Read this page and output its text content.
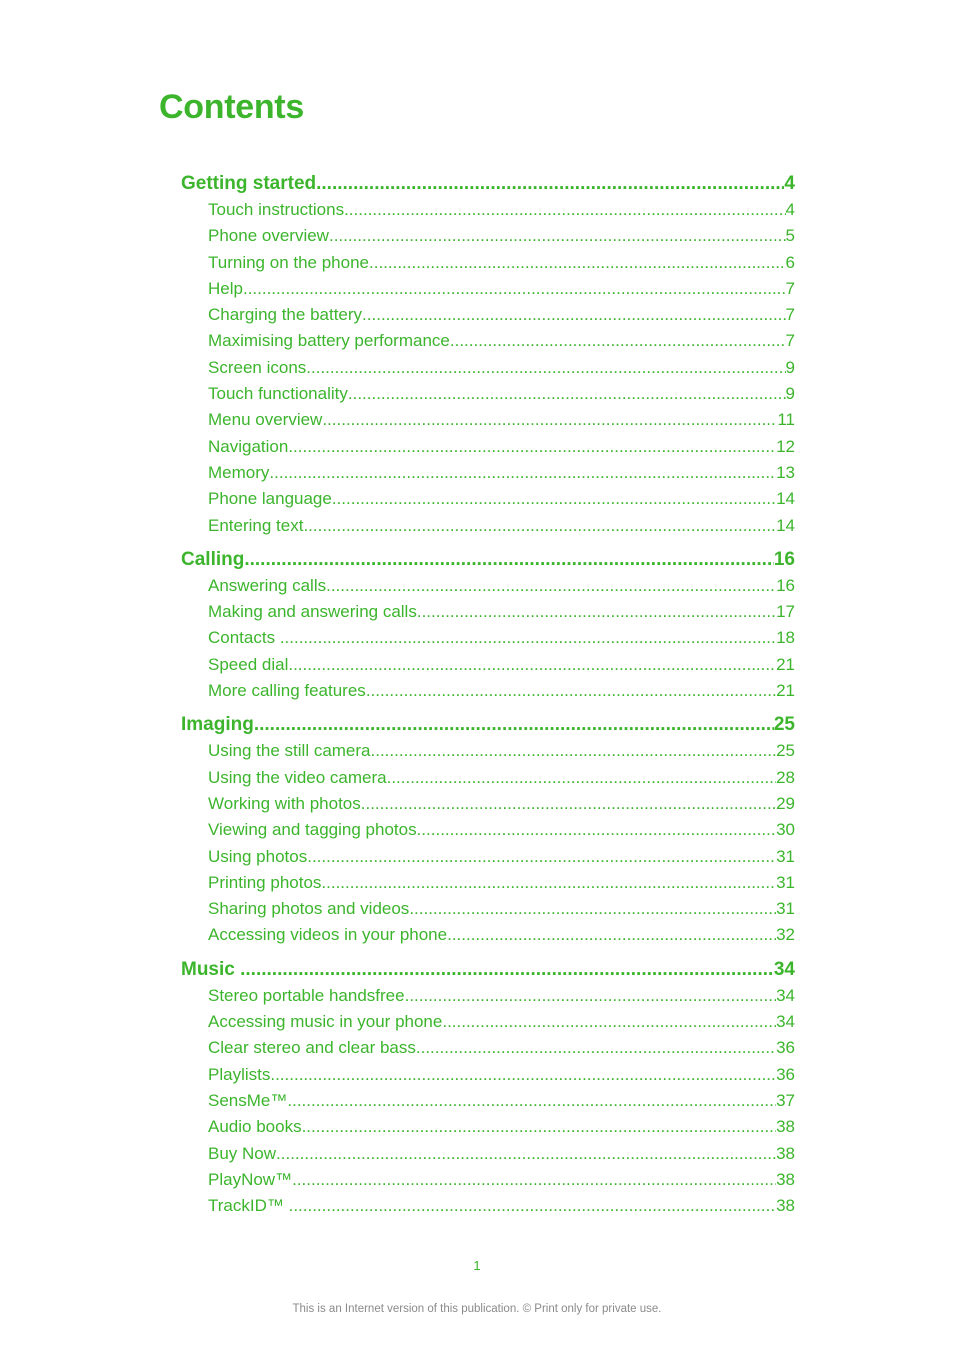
Contents
Getting started .....	4
Touch instructions .....	4
Phone overview .....	5
Turning on the phone .....	6
Help .....	7
Charging the battery .....	7
Maximising battery performance .....	7
Screen icons .....	9
Touch functionality .....	9
Menu overview .....	11
Navigation .....	12
Memory .....	13
Phone language .....	14
Entering text .....	14
Calling .....	16
Answering calls .....	16
Making and answering calls .....	17
Contacts .....	18
Speed dial .....	21
More calling features .....	21
Imaging .....	25
Using the still camera .....	25
Using the video camera .....	28
Working with photos .....	29
Viewing and tagging photos .....	30
Using photos .....	31
Printing photos .....	31
Sharing photos and videos .....	31
Accessing videos in your phone .....	32
Music .....	34
Stereo portable handsfree .....	34
Accessing music in your phone .....	34
Clear stereo and clear bass .....	36
Playlists .....	36
SensMe™ .....	37
Audio books .....	38
Buy Now .....	38
PlayNow™ .....	38
TrackID™ .....	38
1
This is an Internet version of this publication. © Print only for private use.
